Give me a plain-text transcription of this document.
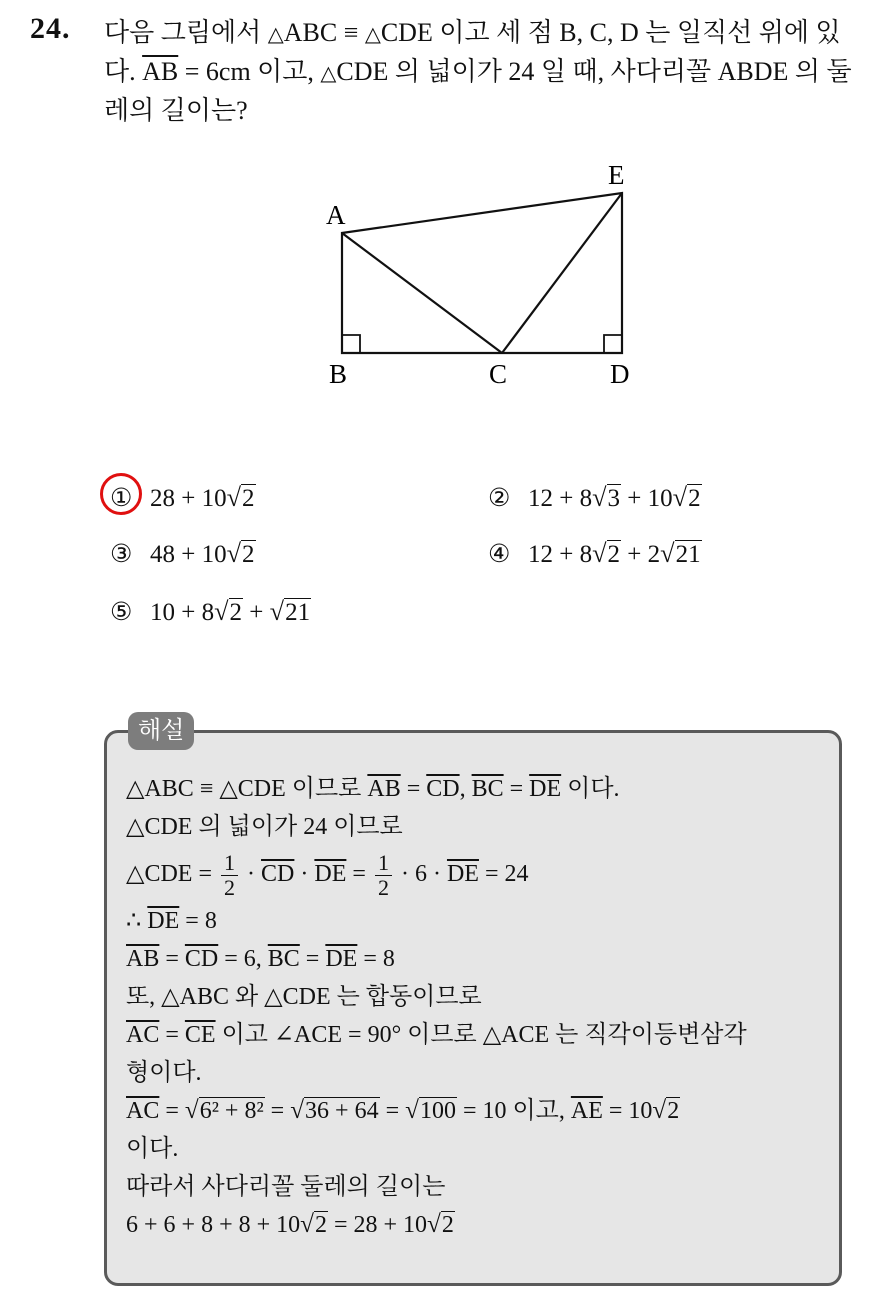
24. 다음 그림에서 △ABC ≡ △CDE 이고 세 점 B, C, D 는 일직선 위에 있다. $\overline{AB} = 6cm$ 이고, △CDE 의 넓이가 24 일 때, 사다리꼴 ABDE 의 둘레의 길이는?
A
B	C	D
E
① 28 + 10√2	② 12 + 8√3 + 10√2
③ 48 + 10√2	④ 12 + 8√2 + 2√21
⑤ 10 + 8√2 + √21
해설
△ABC ≡ △CDE 이므로 $\overline{AB} = \overline{CD}$, $\overline{BC} = \overline{DE}$ 이다.
△CDE 의 넓이가 24 이므로
△CDE = $\frac{1}{2} \cdot \overline{CD} \cdot \overline{DE} = \frac{1}{2} \cdot 6 \cdot \overline{DE} = 24$
∴ $\overline{DE} = 8$
$\overline{AB} = \overline{CD} = 6$, $\overline{BC} = \overline{DE} = 8$
또, △ABC 와 △CDE 는 합동이므로
$\overline{AC} = \overline{CE}$ 이고 ∠ACE = 90° 이므로 △ACE 는 직각이등변삼각
형이다.
$\overline{AC} = √6^2 + 8^2 = √36 + 64 = √100 = 10$ 이고, $\overline{AE} = 10√2$
이다.
따라서 사다리꼴 둘레의 길이는
6 + 6 + 8 + 8 + 10√2 = 28 + 10√2
